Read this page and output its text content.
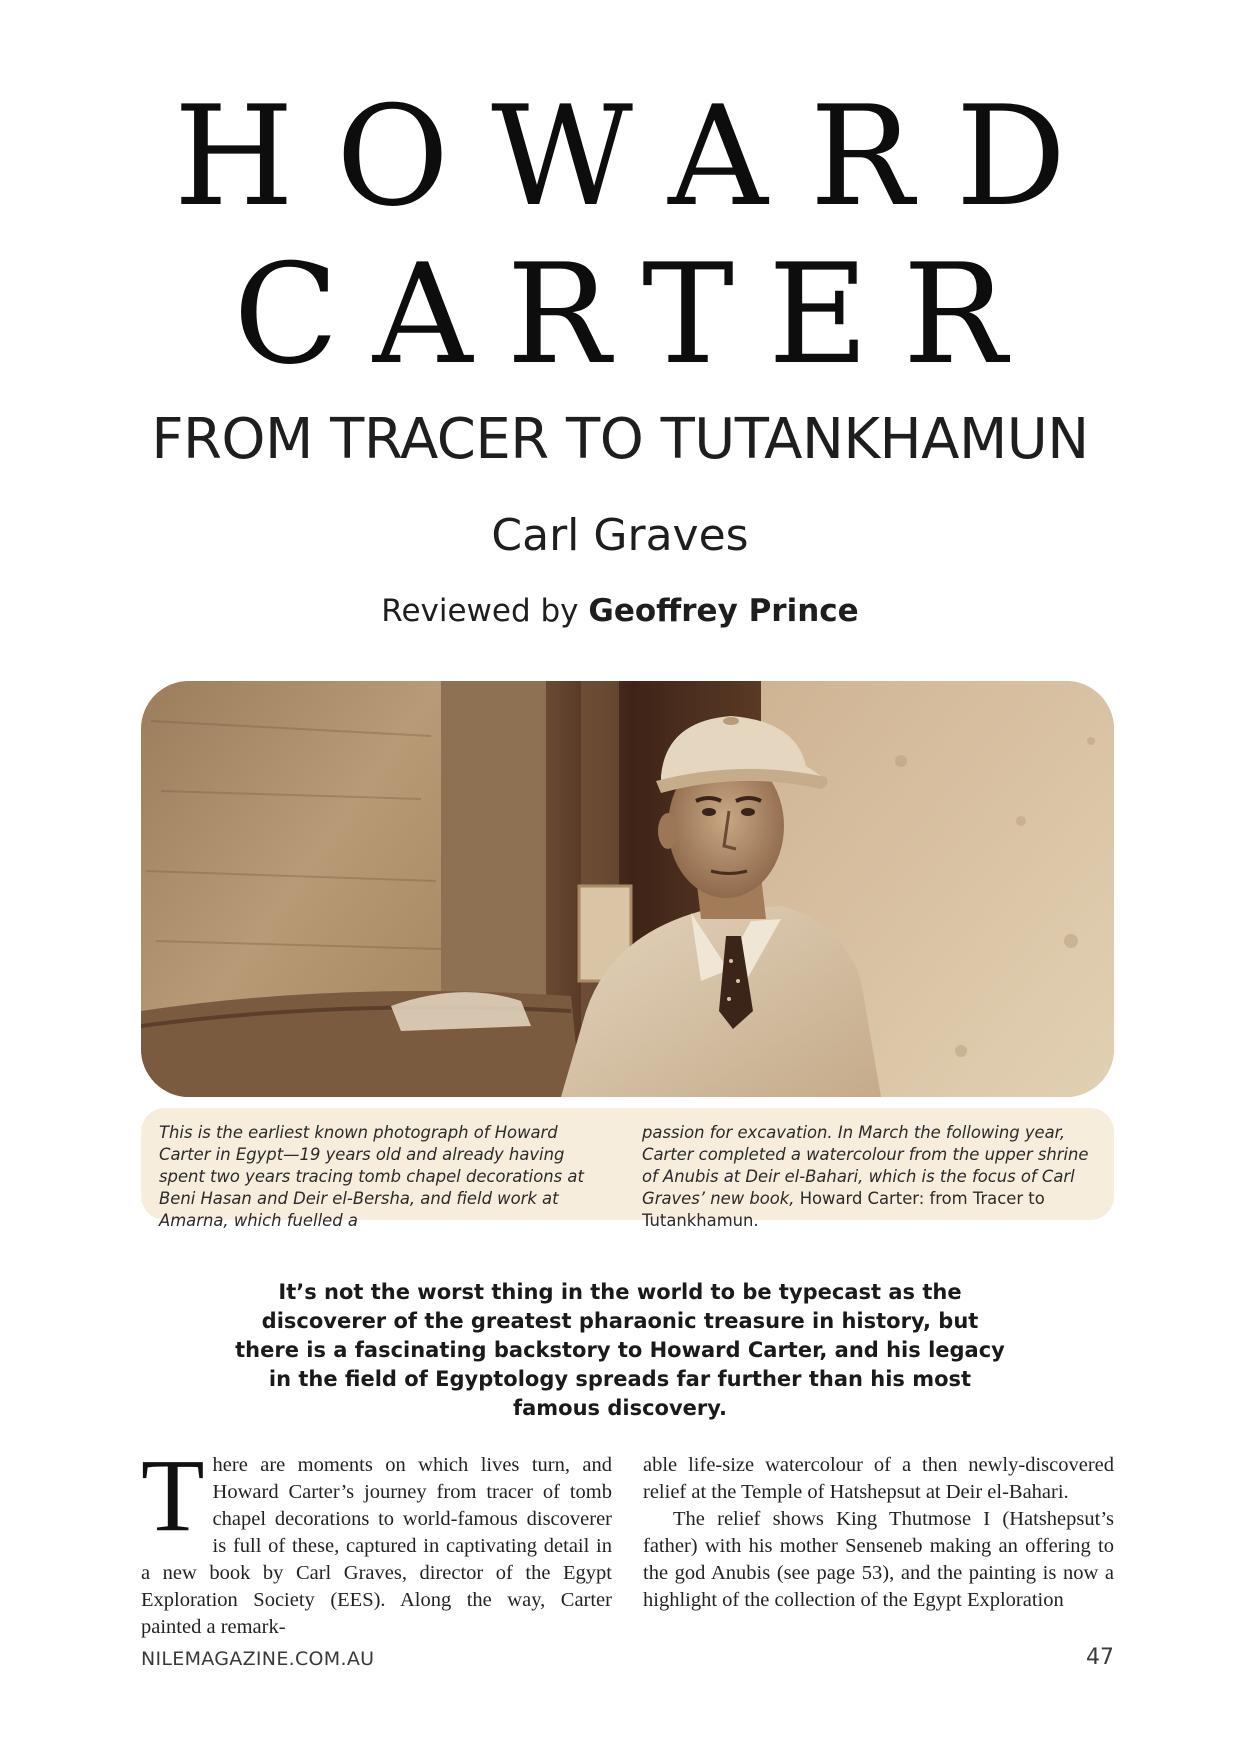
HOWARD
CARTER
FROM TRACER TO TUTANKHAMUN
Carl Graves
Reviewed by Geoffrey Prince
This is the earliest known photograph of Howard Carter in Egypt—19 years old and already having spent two years tracing tomb chapel decorations at Beni Hasan and Deir el-Bersha, and field work at Amarna, which fuelled a
passion for excavation. In March the following year, Carter completed a watercolour from the upper shrine of Anubis at Deir el-Bahari, which is the focus of Carl Graves’ new book, Howard Carter: from Tracer to Tutankhamun.
It’s not the worst thing in the world to be typecast as the discoverer of the greatest pharaonic treasure in history, but there is a fascinating backstory to Howard Carter, and his legacy in the field of Egyptology spreads far further than his most famous discovery.
There are moments on which lives turn, and Howard Carter’s journey from tracer of tomb chapel decorations to world-famous discoverer is full of these, captured in captivating detail in a new book by Carl Graves, director of the Egypt Exploration Society (EES). Along the way, Carter painted a remark-
able life-size watercolour of a then newly-discovered relief at the Temple of Hatshepsut at Deir el-Bahari.
The relief shows King Thutmose I (Hatshepsut’s father) with his mother Senseneb making an offering to the god Anubis (see page 53), and the painting is now a highlight of the collection of the Egypt Exploration
NILEMAGAZINE.COM.AU	47
